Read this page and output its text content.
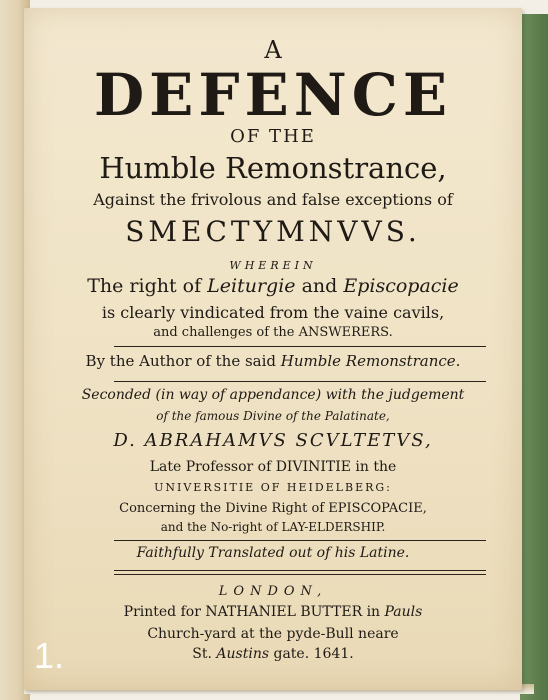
A
DEFENCE
OF THE
Humble Remonstrance,
Against the frivolous and false exceptions of
SMECTYMNVVS.
WHEREIN
The right of Leiturgie and Episcopacie
is clearly vindicated from the vaine cavils,
and challenges of the ANSWERERS.
By the Author of the said Humble Remonstrance.
Seconded (in way of appendance) with the judgement
of the famous Divine of the Palatinate,
D. ABRAHAMVS SCVLTETVS,
Late Professor of DIVINITIE in the
UNIVERSITIE OF HEIDELBERG:
Concerning the Divine Right of EPISCOPACIE,
and the No-right of LAY-ELDERSHIP.
Faithfully Translated out of his Latine.
LONDON,
Printed for NATHANIEL BUTTER in Pauls
Church-yard at the pyde-Bull neare
St. Austins gate. 1641.
1.
